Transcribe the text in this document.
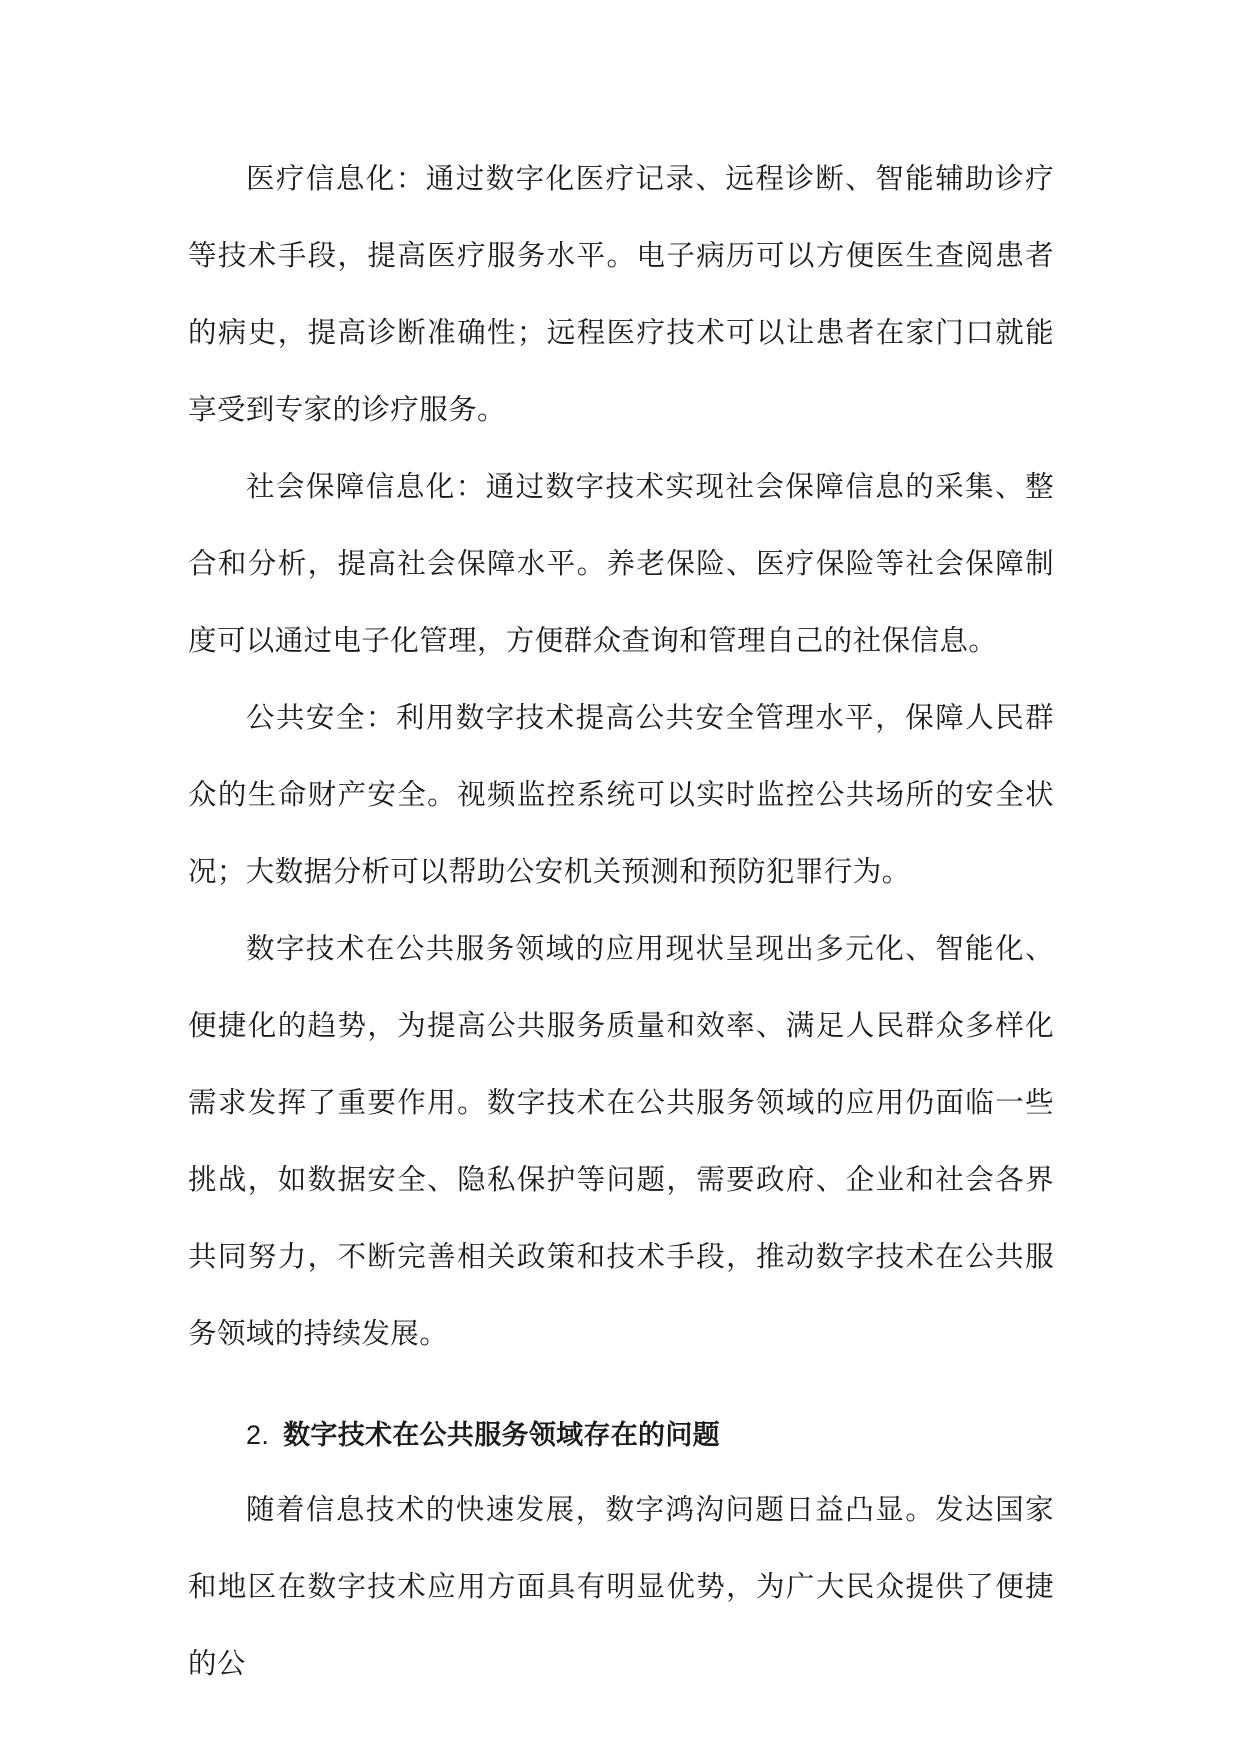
医疗信息化：通过数字化医疗记录、远程诊断、智能辅助诊疗等技术手段，提高医疗服务水平。电子病历可以方便医生查阅患者的病史，提高诊断准确性；远程医疗技术可以让患者在家门口就能享受到专家的诊疗服务。

社会保障信息化：通过数字技术实现社会保障信息的采集、整合和分析，提高社会保障水平。养老保险、医疗保险等社会保障制度可以通过电子化管理，方便群众查询和管理自己的社保信息。

公共安全：利用数字技术提高公共安全管理水平，保障人民群众的生命财产安全。视频监控系统可以实时监控公共场所的安全状况；大数据分析可以帮助公安机关预测和预防犯罪行为。

数字技术在公共服务领域的应用现状呈现出多元化、智能化、便捷化的趋势，为提高公共服务质量和效率、满足人民群众多样化需求发挥了重要作用。数字技术在公共服务领域的应用仍面临一些挑战，如数据安全、隐私保护等问题，需要政府、企业和社会各界共同努力，不断完善相关政策和技术手段，推动数字技术在公共服务领域的持续发展。

2. 数字技术在公共服务领域存在的问题

随着信息技术的快速发展，数字鸿沟问题日益凸显。发达国家和地区在数字技术应用方面具有明显优势，为广大民众提供了便捷的公
